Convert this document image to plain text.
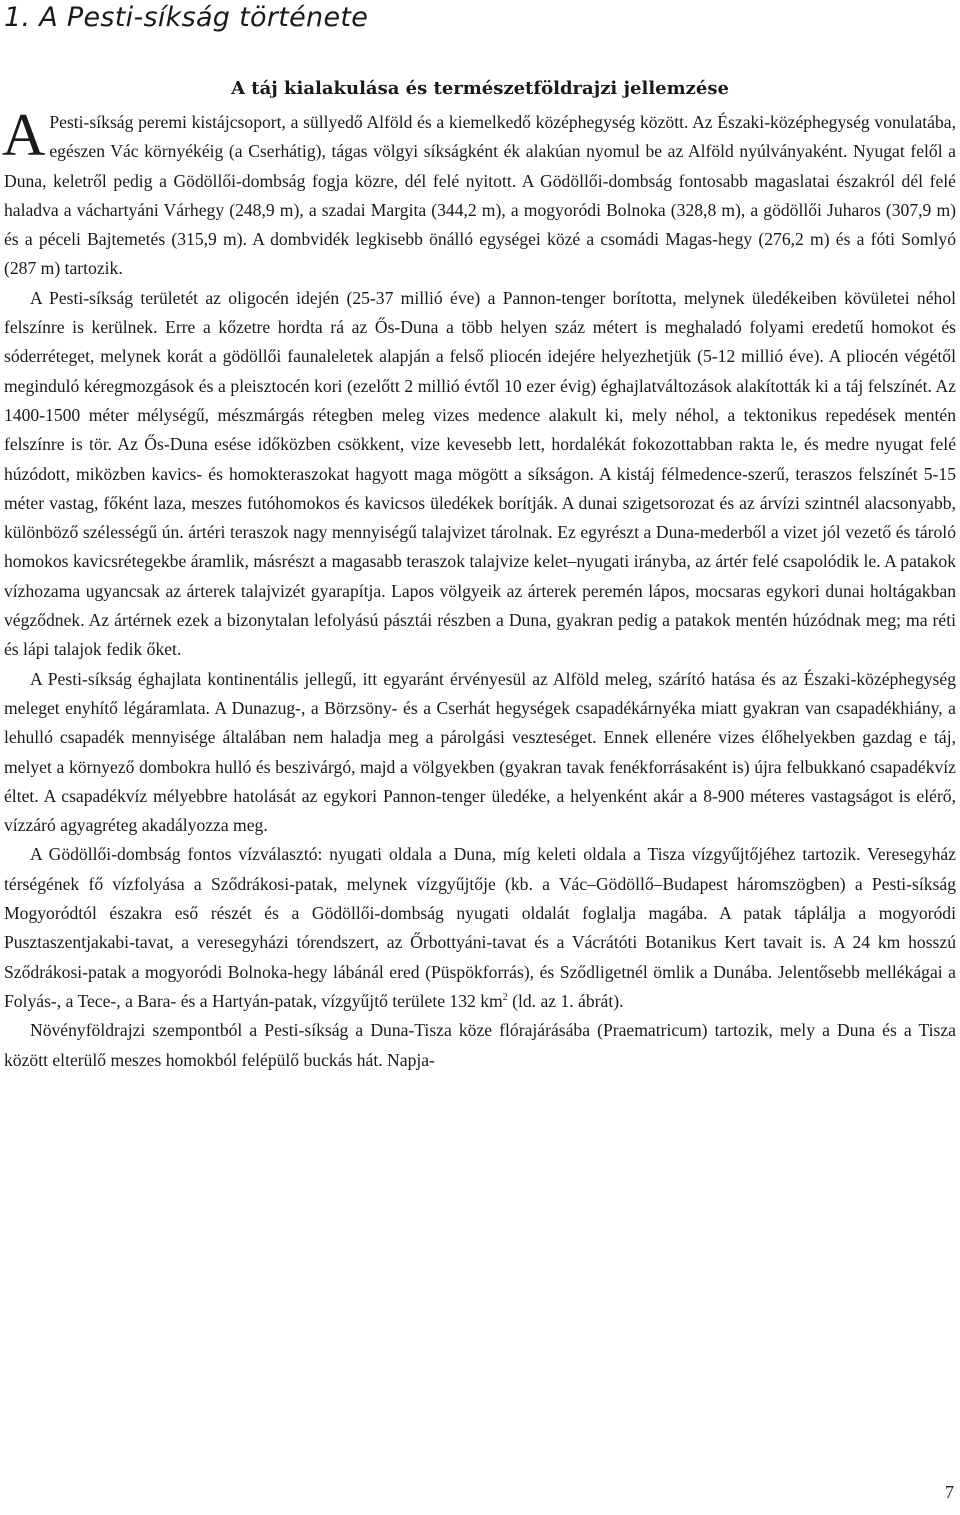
1. A Pesti-síkság története
A táj kialakulása és természetföldrajzi jellemzése

A Pesti-síkság peremi kistájcsoport, a süllyedő Alföld és a kiemelkedő középhegység között. Az Északi-középhegység vonulatába, egészen Vác környékéig (a Cserhátig), tágas völgyi síkságként ék alakúan nyomul be az Alföld nyúlványaként. Nyugat felől a Duna, keletről pedig a Gödöllői-dombság fogja közre, dél felé nyitott. A Gödöllői-dombság fontosabb magaslatai északról dél felé haladva a váchartyáni Várhegy (248,9 m), a szadai Margita (344,2 m), a mogyoródi Bolnoka (328,8 m), a gödöllői Juharos (307,9 m) és a péceli Bajtemetés (315,9 m). A dombvidék legkisebb önálló egységei közé a csomádi Magas-hegy (276,2 m) és a fóti Somlyó (287 m) tartozik.

A Pesti-síkság területét az oligocén idején (25-37 millió éve) a Pannon-tenger borította, melynek üledékeiben kövületei néhol felszínre is kerülnek. Erre a kőzetre hordta rá az Ős-Duna a több helyen száz métert is meghaladó folyami eredetű homokot és sóderréteget, melynek korát a gödöllői faunaleletek alapján a felső pliocén idejére helyezhetjük (5-12 millió éve). A pliocén végétől meginduló kéregmozgások és a pleisztocén kori (ezelőtt 2 millió évtől 10 ezer évig) éghajlatváltozások alakították ki a táj felszínét. Az 1400-1500 méter mélységű, mészmárgás rétegben meleg vizes medence alakult ki, mely néhol, a tektonikus repedések mentén felszínre is tör. Az Ős-Duna esése időközben csökkent, vize kevesebb lett, hordalékát fokozottabban rakta le, és medre nyugat felé húzódott, miközben kavics- és homokteraszokat hagyott maga mögött a síkságon. A kistáj félmedence-szerű, teraszos felszínét 5-15 méter vastag, főként laza, meszes futóhomokos és kavicsos üledékek borítják. A dunai szigetsorozat és az árvízi szintnél alacsonyabb, különböző szélességű ún. ártéri teraszok nagy mennyiségű talajvizet tárolnak. Ez egyrészt a Duna-mederből a vizet jól vezető és tároló homokos kavicsrétegekbe áramlik, másrészt a magasabb teraszok talajvize kelet–nyugati irányba, az ártér felé csapolódik le. A patakok vízhozama ugyancsak az árterek talajvizét gyarapítja. Lapos völgyeik az árterek peremén lápos, mocsaras egykori dunai holtágakban végződnek. Az ártérnek ezek a bizonytalan lefolyású pásztái részben a Duna, gyakran pedig a patakok mentén húzódnak meg; ma réti és lápi talajok fedik őket.

A Pesti-síkság éghajlata kontinentális jellegű, itt egyaránt érvényesül az Alföld meleg, szárító hatása és az Északi-középhegység meleget enyhítő légáramlata. A Dunazug-, a Börzsöny- és a Cserhát hegységek csapadékárnyéka miatt gyakran van csapadékhiány, a lehulló csapadék mennyisége általában nem haladja meg a párolgási veszteséget. Ennek ellenére vizes élőhelyekben gazdag e táj, melyet a környező dombokra hulló és beszivárgó, majd a völgyekben (gyakran tavak fenékforrásaként is) újra felbukkanó csapadékvíz éltet. A csapadékvíz mélyebbre hatolását az egykori Pannon-tenger üledéke, a helyenként akár a 8-900 méteres vastagságot is elérő, vízzáró agyagréteg akadályozza meg.

A Gödöllői-dombság fontos vízválasztó: nyugati oldala a Duna, míg keleti oldala a Tisza vízgyűjtőjéhez tartozik. Veresegyház térségének fő vízfolyása a Sződrákosi-patak, melynek vízgyűjtője (kb. a Vác–Gödöllő–Budapest háromszögben) a Pesti-síkság Mogyoródtól északra eső részét és a Gödöllői-dombság nyugati oldalát foglalja magába. A patak táplálja a mogyoródi Pusztaszentjakabi-tavat, a veresegyházi tórendszert, az Őrbottyáni-tavat és a Vácrátóti Botanikus Kert tavait is. A 24 km hosszú Sződrákosi-patak a mogyoródi Bolnoka-hegy lábánál ered (Püspökforrás), és Sződligetnél ömlik a Dunába. Jelentősebb mellékágai a Folyás-, a Tece-, a Bara- és a Hartyán-patak, vízgyűjtő területe 132 $km^2$ (ld. az 1. ábrát).

Növényföldrajzi szempontból a Pesti-síkság a Duna-Tisza köze flórajárásába (Praematricum) tartozik, mely a Duna és a Tisza között elterülő meszes homokból felépülő buckás hát. Napja-

7
